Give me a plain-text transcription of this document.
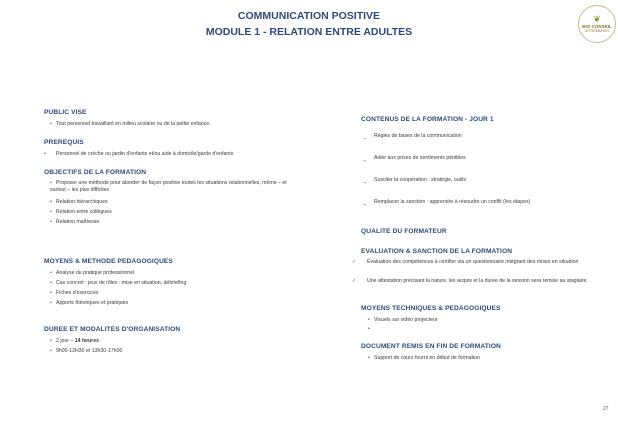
COMMUNICATION POSITIVE
MODULE 1 - RELATION ENTRE ADULTES
❦
BIO CONSEIL
& FORMATION
PUBLIC VISE
• Tout personnel travaillant en milieu scolaire ou de la petite enfance.
PREREQUIS
• Personnel de crèche ou jardin d'enfants et/ou aide à domicile/garde d'enfants
OBJECTIFS DE LA FORMATION
• Proposer une méthode pour aborder de façon positive toutes les situations relationnelles, même – et surtout – les plus difficiles
• Relation hiérarchiques
• Relation entre collègues
• Relation maîtresse.
MOYENS & METHODE PEDAGOGIQUES
• Analyse du pratique professionnel
• Cas concret : jeux de rôles : mise en situation, débriefing
• Fiches d'exercices
• Apports théoriques et pratiques
DUREE ET MODALITES D'ORGANISATION
• 2 jour – 14 heures
• 9h00-12H30 et 13h30-17h00
CONTENUS DE LA FORMATION - JOUR 1
→ Règles de bases de la communication
→ Aider aux prises de sentiments pénibles
→ Susciter la coopération : stratégie, outils
→ Remplacer la sanction : apprendre à résoudre un conflit (les étapes)
QUALITE DU FORMATEUR
EVALUATION & SANCTION DE LA FORMATION
✓ Évaluation des compétences à certifier via un questionnaire intégrant des mises en situation
✓ Une attestation précisant la nature, les acquis et la durée de la session sera remise au stagiaire.
MOYENS TECHNIQUES & PEDAGOGIQUES
• Visuels sur vidéo projecteur
•
DOCUMENT REMIS EN FIN DE FORMATION
• Support de cours fourni en début de formation
27
